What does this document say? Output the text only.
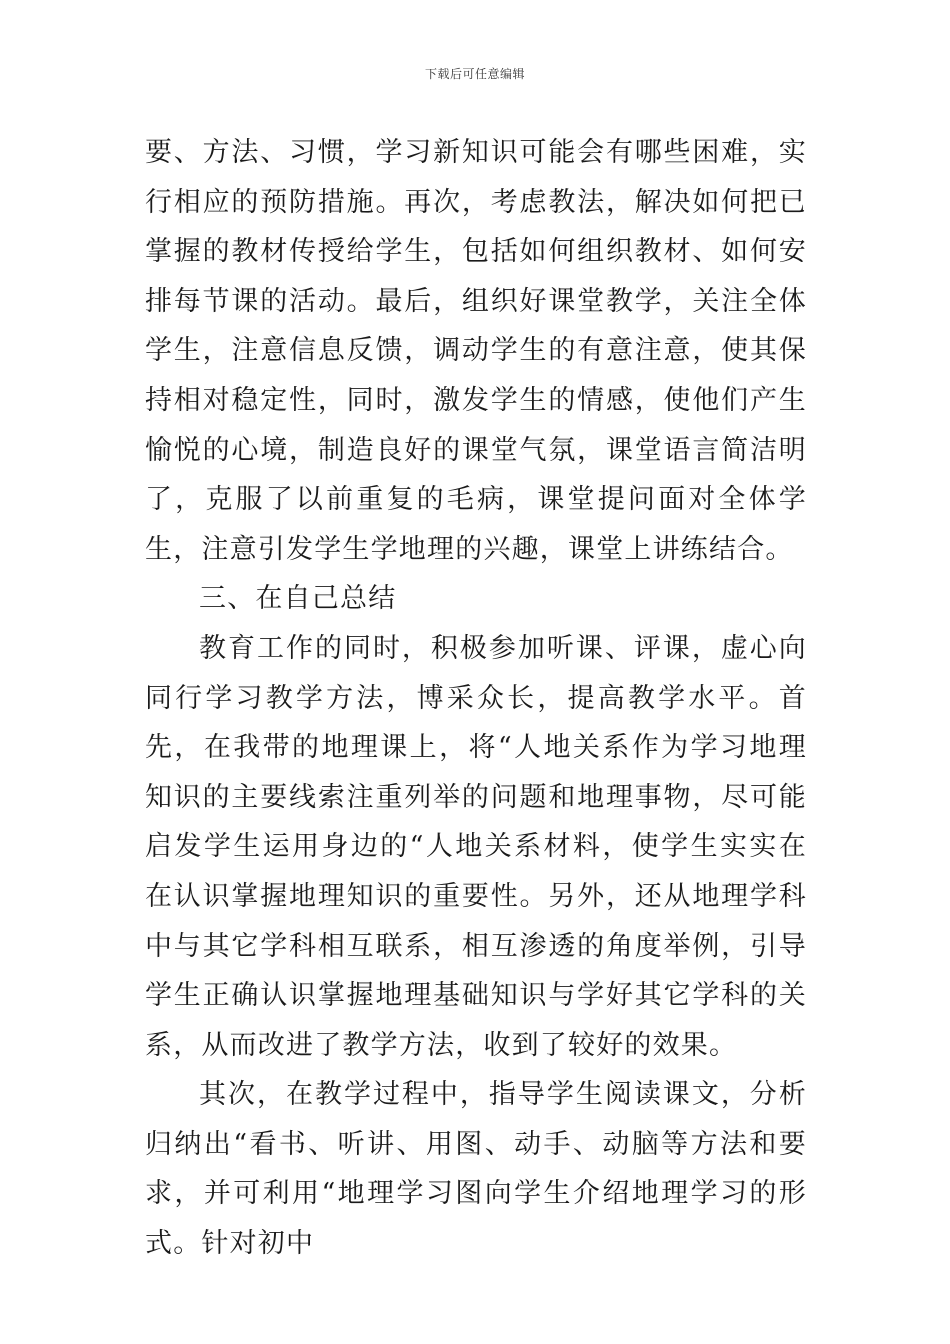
下载后可任意编辑

要、方法、习惯，学习新知识可能会有哪些困难，实行相应的预防措施。再次，考虑教法，解决如何把已掌握的教材传授给学生，包括如何组织教材、如何安排每节课的活动。最后，组织好课堂教学，关注全体学生，注意信息反馈，调动学生的有意注意，使其保持相对稳定性，同时，激发学生的情感，使他们产生愉悦的心境，制造良好的课堂气氛，课堂语言简洁明了，克服了以前重复的毛病，课堂提问面对全体学生，注意引发学生学地理的兴趣，课堂上讲练结合。

三、在自己总结

教育工作的同时，积极参加听课、评课，虚心向同行学习教学方法，博采众长，提高教学水平。首先，在我带的地理课上，将“人地关系作为学习地理知识的主要线索注重列举的问题和地理事物，尽可能启发学生运用身边的“人地关系材料，使学生实实在在认识掌握地理知识的重要性。另外，还从地理学科中与其它学科相互联系，相互渗透的角度举例，引导学生正确认识掌握地理基础知识与学好其它学科的关系，从而改进了教学方法，收到了较好的效果。

其次，在教学过程中，指导学生阅读课文，分析归纳出“看书、听讲、用图、动手、动脑等方法和要求，并可利用“地理学习图向学生介绍地理学习的形式。针对初中
